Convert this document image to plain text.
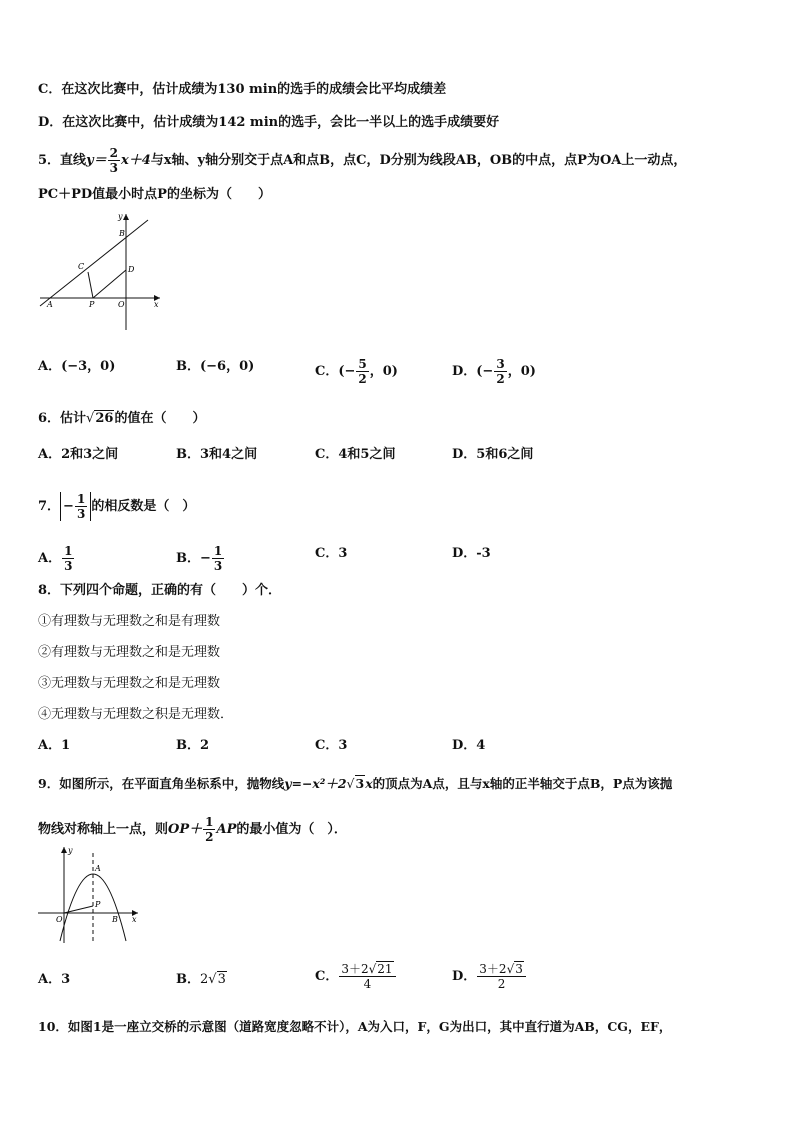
C．在这次比赛中，估计成绩为130 min的选手的成绩会比平均成绩差
D．在这次比赛中，估计成绩为142 min的选手，会比一半以上的选手成绩要好
5．直线$y= \frac{2}{3} x+4$与x轴、y轴分别交于点A和点B，点C，D分别为线段AB，OB的中点，点P为OA上一动点，
PC＋PD值最小时点P的坐标为（　　）
y
B
C	D
A	P	O	x
A．(−3，0)	B．(−6，0)	C．(− $\frac{5}{2}$ ，0)	D．(− $\frac{3}{2}$ ，0)
6．估计√26的值在（　　）
A．2和3之间	B．3和4之间	C．4和5之间	D．5和6之间
7． − $\frac{1}{3}$ 的相反数是（　）
A． $\frac{1}{3}$	B．− $\frac{1}{3}$	C．3	D．-3
8．下列四个命题，正确的有（　　）个．
①有理数与无理数之和是有理数
②有理数与无理数之和是无理数
③无理数与无理数之和是无理数
④无理数与无理数之积是无理数．
A．1	B．2	C．3	D．4
9．如图所示，在平面直角坐标系中，抛物线y=−x²＋2√3x的顶点为A点，且与x轴的正半轴交于点B，P点为该抛
物线对称轴上一点，则$OP+ \frac{1}{2}$ AP的最小值为（　）．
y
A
P
O	B x
A．3	B．2√3	C． $\frac{3+2√21}{4}$	D． $\frac{3+2√3}{2}$
10．如图1是一座立交桥的示意图（道路宽度忽略不计），A为入口，F，G为出口，其中直行道为AB，CG，EF，
